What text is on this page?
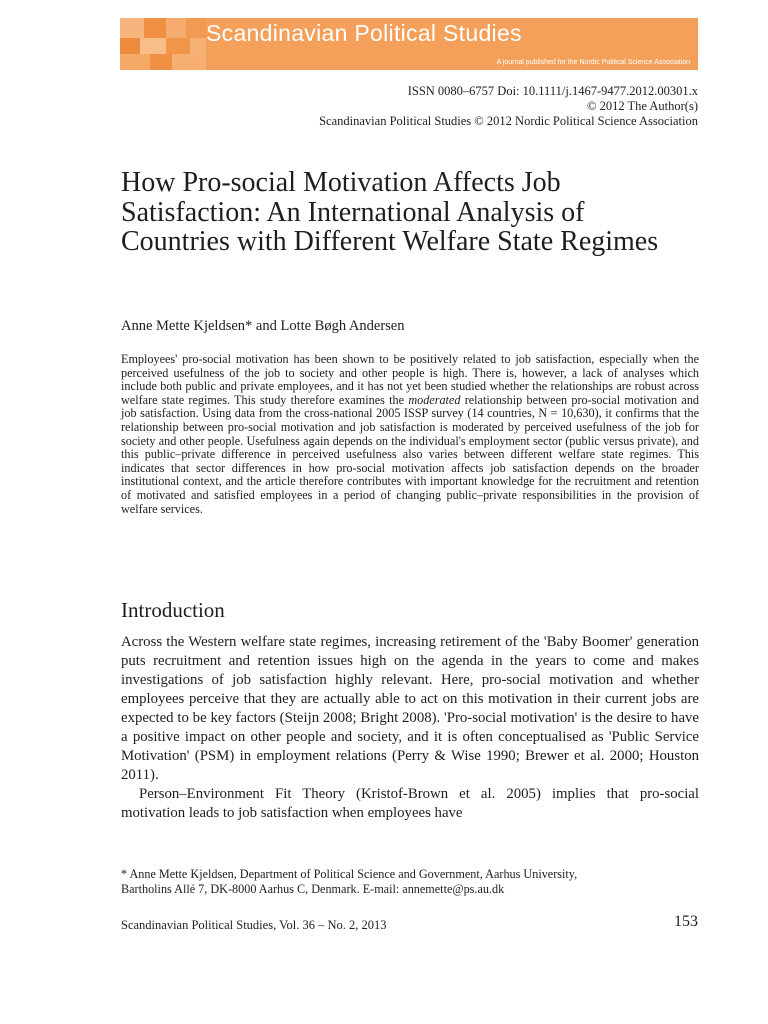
Scandinavian Political Studies
A journal published for the Nordic Political Science Association
ISSN 0080–6757 Doi: 10.1111/j.1467-9477.2012.00301.x
© 2012 The Author(s)
Scandinavian Political Studies © 2012 Nordic Political Science Association
How Pro-social Motivation Affects Job Satisfaction: An International Analysis of Countries with Different Welfare State Regimes
Anne Mette Kjeldsen* and Lotte Bøgh Andersen

Employees' pro-social motivation has been shown to be positively related to job satisfaction, especially when the perceived usefulness of the job to society and other people is high. There is, however, a lack of analyses which include both public and private employees, and it has not yet been studied whether the relationships are robust across welfare state regimes. This study therefore examines the moderated relationship between pro-social motivation and job satisfaction. Using data from the cross-national 2005 ISSP survey (14 countries, N = 10,630), it confirms that the relationship between pro-social motivation and job satisfaction is moderated by perceived usefulness of the job for society and other people. Usefulness again depends on the individual's employment sector (public versus private), and this public–private difference in perceived usefulness also varies between different welfare state regimes. This indicates that sector differences in how pro-social motivation affects job satisfaction depends on the broader institutional context, and the article therefore contributes with important knowledge for the recruitment and retention of motivated and satisfied employees in a period of changing public–private responsibilities in the provision of welfare services.

Introduction

Across the Western welfare state regimes, increasing retirement of the 'Baby Boomer' generation puts recruitment and retention issues high on the agenda in the years to come and makes investigations of job satisfaction highly relevant. Here, pro-social motivation and whether employees perceive that they are actually able to act on this motivation in their current jobs are expected to be key factors (Steijn 2008; Bright 2008). 'Pro-social motivation' is the desire to have a positive impact on other people and society, and it is often conceptualised as 'Public Service Motivation' (PSM) in employment relations (Perry & Wise 1990; Brewer et al. 2000; Houston 2011).

Person–Environment Fit Theory (Kristof-Brown et al. 2005) implies that pro-social motivation leads to job satisfaction when employees have

* Anne Mette Kjeldsen, Department of Political Science and Government, Aarhus University,
Bartholins Allé 7, DK-8000 Aarhus C, Denmark. E-mail: annemette@ps.au.dk
Scandinavian Political Studies, Vol. 36 – No. 2, 2013	153
